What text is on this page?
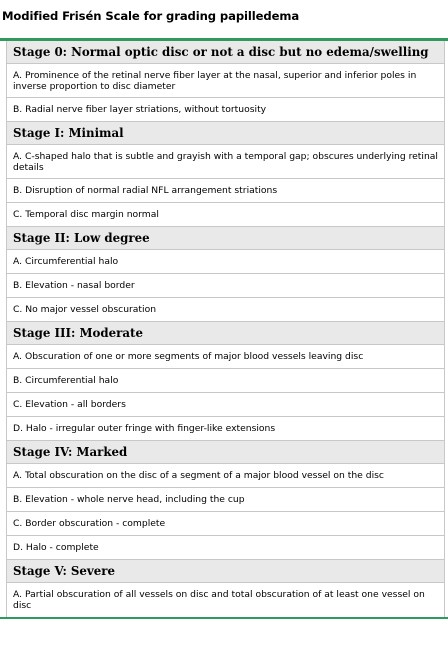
Modified Frisén Scale for grading papilledema
Stage 0: Normal optic disc or not a disc but no edema/swelling
A. Prominence of the retinal nerve fiber layer at the nasal, superior and inferior poles in inverse proportion to disc diameter
B. Radial nerve fiber layer striations, without tortuosity
Stage I: Minimal
A. C-shaped halo that is subtle and grayish with a temporal gap; obscures underlying retinal details
B. Disruption of normal radial NFL arrangement striations
C. Temporal disc margin normal
Stage II: Low degree
A. Circumferential halo
B. Elevation - nasal border
C. No major vessel obscuration
Stage III: Moderate
A. Obscuration of one or more segments of major blood vessels leaving disc
B. Circumferential halo
C. Elevation - all borders
D. Halo - irregular outer fringe with finger-like extensions
Stage IV: Marked
A. Total obscuration on the disc of a segment of a major blood vessel on the disc
B. Elevation - whole nerve head, including the cup
C. Border obscuration - complete
D. Halo - complete
Stage V: Severe
A. Partial obscuration of all vessels on disc and total obscuration of at least one vessel on disc
